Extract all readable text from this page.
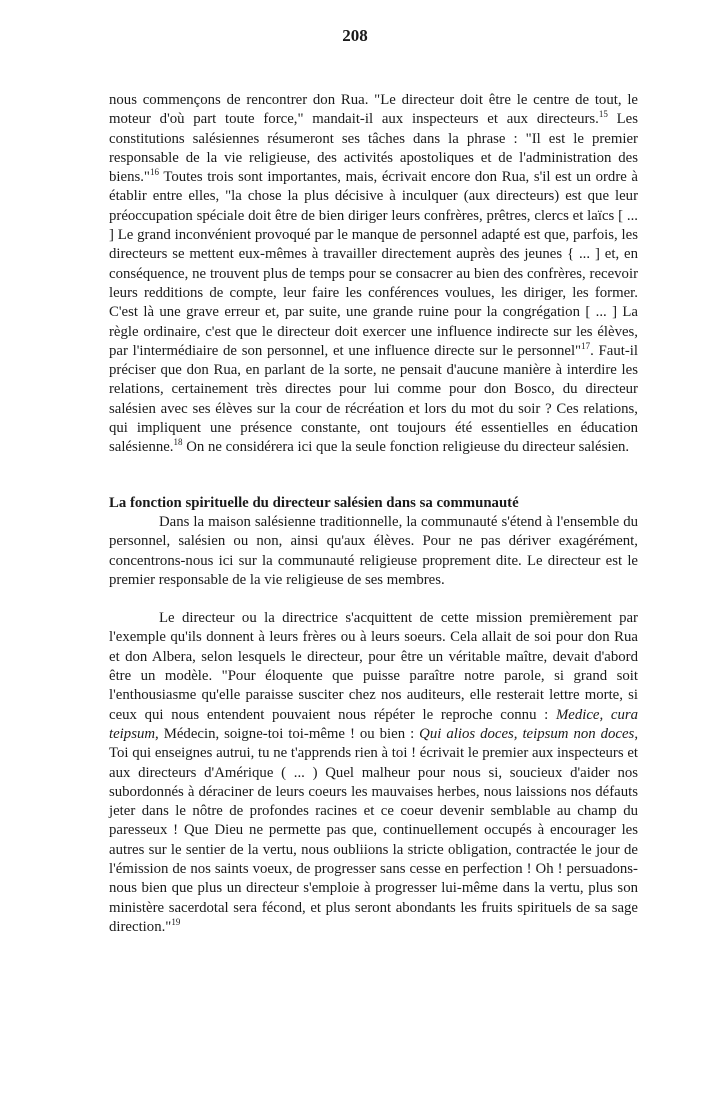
208

nous commençons de rencontrer don Rua. "Le directeur doit être le centre de tout, le moteur d'où part toute force," mandait-il aux inspecteurs et aux directeurs.$^{15}$ Les constitutions salésiennes résumeront ses tâches dans la phrase : "Il est le premier responsable de la vie religieuse, des activités apostoliques et de l'administration des biens."$^{16}$ Toutes trois sont importantes, mais, écrivait encore don Rua, s'il est un ordre à établir entre elles, "la chose la plus décisive à inculquer (aux directeurs) est que leur préoccupation spéciale doit être de bien diriger leurs confrères, prêtres, clercs et laïcs [ ... ] Le grand inconvénient provoqué par le manque de personnel adapté est que, parfois, les directeurs se mettent eux-mêmes à travailler directement auprès des jeunes { ... ] et, en conséquence, ne trouvent plus de temps pour se consacrer au bien des confrères, recevoir leurs redditions de compte, leur faire les conférences voulues, les diriger, les former. C'est là une grave erreur et, par suite, une grande ruine pour la congrégation [ ... ] La règle ordinaire, c'est que le directeur doit exercer une influence indirecte sur les élèves, par l'intermédiaire de son personnel, et une influence directe sur le personnel"$^{17}$. Faut-il préciser que don Rua, en parlant de la sorte, ne pensait d'aucune manière à interdire les relations, certainement très directes pour lui comme pour don Bosco, du directeur salésien avec ses élèves sur la cour de récréation et lors du mot du soir ? Ces relations, qui impliquent une présence constante, ont toujours été essentielles en éducation salésienne.$^{18}$ On ne considérera ici que la seule fonction religieuse du directeur salésien.

La fonction spirituelle du directeur salésien dans sa communauté

Dans la maison salésienne traditionnelle, la communauté s'étend à l'ensemble du personnel, salésien ou non, ainsi qu'aux élèves. Pour ne pas dériver exagérément, concentrons-nous ici sur la communauté religieuse proprement dite. Le directeur est le premier responsable de la vie religieuse de ses membres.

Le directeur ou la directrice s'acquittent de cette mission premièrement par l'exemple qu'ils donnent à leurs frères ou à leurs soeurs. Cela allait de soi pour don Rua et don Albera, selon lesquels le directeur, pour être un véritable maître, devait d'abord être un modèle. "Pour éloquente que puisse paraître notre parole, si grand soit l'enthousiasme qu'elle paraisse susciter chez nos auditeurs, elle resterait lettre morte, si ceux qui nous entendent pouvaient nous répéter le reproche connu : Medice, cura teipsum, Médecin, soigne-toi toi-même ! ou bien : Qui alios doces, teipsum non doces, Toi qui enseignes autrui, tu ne t'apprends rien à toi ! écrivait le premier aux inspecteurs et aux directeurs d'Amérique ( ... ) Quel malheur pour nous si, soucieux d'aider nos subordonnés à déraciner de leurs coeurs les mauvaises herbes, nous laissions nos défauts jeter dans le nôtre de profondes racines et ce coeur devenir semblable au champ du paresseux ! Que Dieu ne permette pas que, continuellement occupés à encourager les autres sur le sentier de la vertu, nous oubliions la stricte obligation, contractée le jour de l'émission de nos saints voeux, de progresser sans cesse en perfection ! Oh ! persuadons-nous bien que plus un directeur s'emploie à progresser lui-même dans la vertu, plus son ministère sacerdotal sera fécond, et plus seront abondants les fruits spirituels de sa sage direction."$^{19}$
